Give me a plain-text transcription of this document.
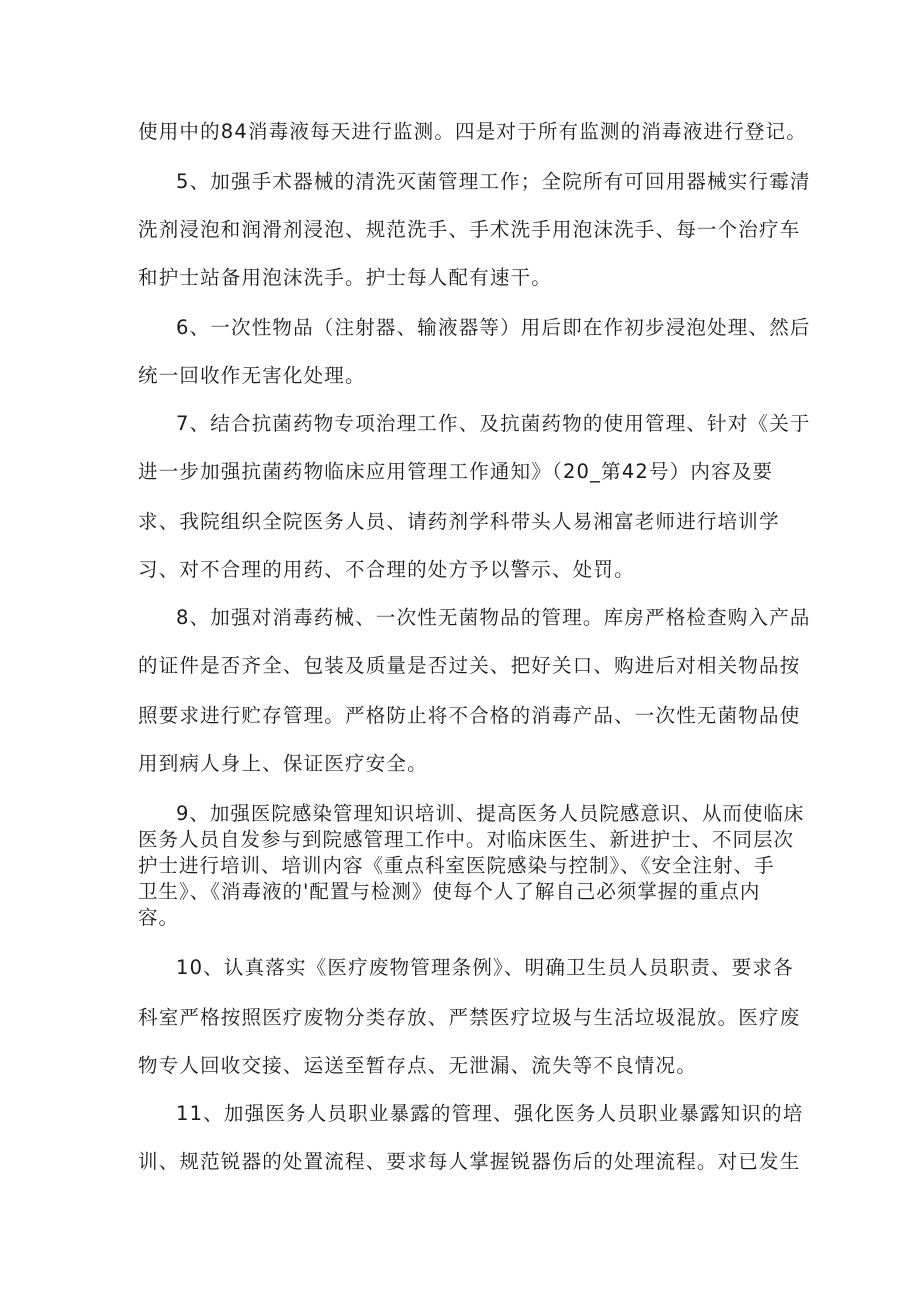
使用中的84消毒液每天进行监测。四是对于所有监测的消毒液进行登记。
5、加强手术器械的清洗灭菌管理工作；全院所有可回用器械实行霉清
洗剂浸泡和润滑剂浸泡、规范洗手、手术洗手用泡沫洗手、每一个治疗车
和护士站备用泡沫洗手。护士每人配有速干。
6、一次性物品（注射器、输液器等）用后即在作初步浸泡处理、然后
统一回收作无害化处理。
7、结合抗菌药物专项治理工作、及抗菌药物的使用管理、针对《关于
进一步加强抗菌药物临床应用管理工作通知》（20_第42号）内容及要
求、我院组织全院医务人员、请药剂学科带头人易湘富老师进行培训学
习、对不合理的用药、不合理的处方予以警示、处罚。
8、加强对消毒药械、一次性无菌物品的管理。库房严格检查购入产品
的证件是否齐全、包装及质量是否过关、把好关口、购进后对相关物品按
照要求进行贮存管理。严格防止将不合格的消毒产品、一次性无菌物品使
用到病人身上、保证医疗安全。
9、加强医院感染管理知识培训、提高医务人员院感意识、从而使临床
医务人员自发参与到院感管理工作中。对临床医生、新进护士、不同层次
护士进行培训、培训内容《重点科室医院感染与控制》、《安全注射、手
卫生》、《消毒液的'配置与检测》使每个人了解自己必须掌握的重点内
容。
10、认真落实《医疗废物管理条例》、明确卫生员人员职责、要求各
科室严格按照医疗废物分类存放、严禁医疗垃圾与生活垃圾混放。医疗废
物专人回收交接、运送至暂存点、无泄漏、流失等不良情况。
11、加强医务人员职业暴露的管理、强化医务人员职业暴露知识的培
训、规范锐器的处置流程、要求每人掌握锐器伤后的处理流程。对已发生
